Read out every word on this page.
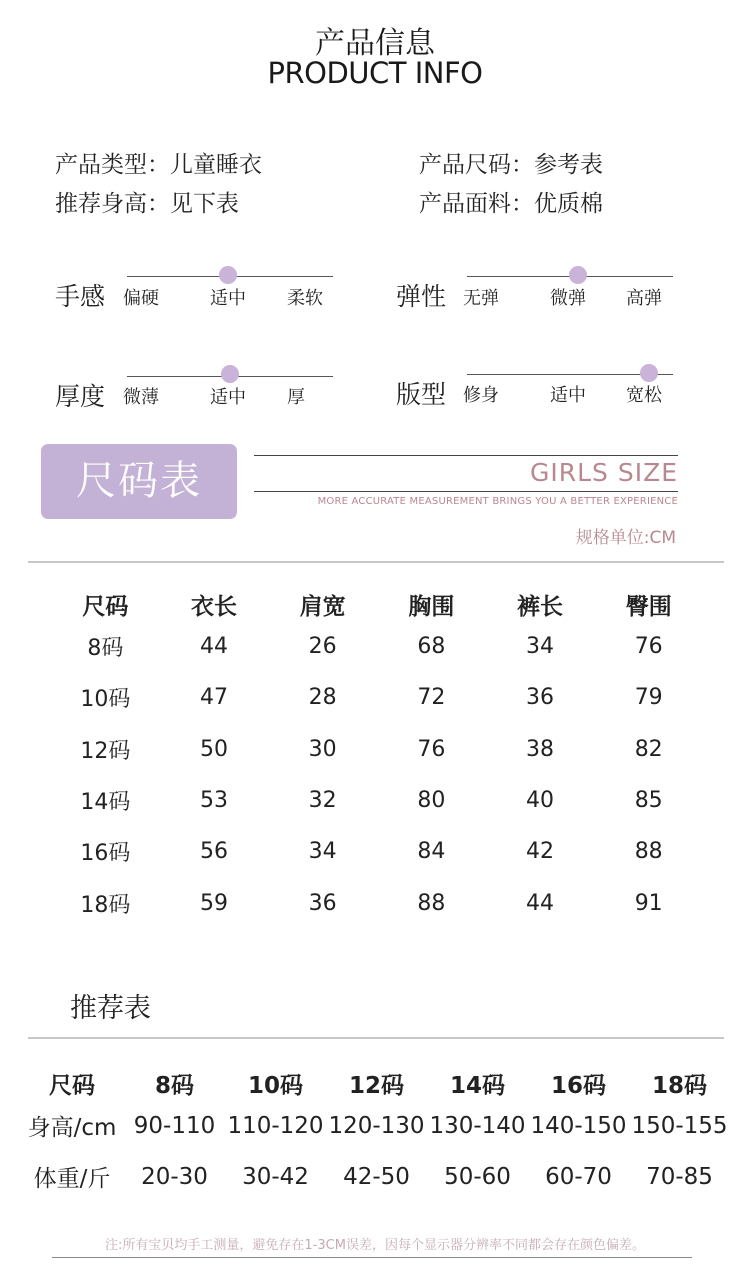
产品信息
PRODUCT INFO
产品类型：儿童睡衣	产品尺码：参考表
推荐身高：见下表	产品面料：优质棉
手感 偏硬	适中 柔软	弹性 无弹	微弹 高弹
厚度 微薄	适中 厚	版型 修身	适中 宽松
尺码表	GIRLS SIZE
MORE ACCURATE MEASUREMENT BRINGS YOU A BETTER EXPERIENCE
规格单位:CM
尺码	衣长	肩宽	胸围	裤长	臀围
8码	44	26	68	34	76
10码	47	28	72	36	79
12码	50	30	76	38	82
14码	53	32	80	40	85
16码	56	34	84	42	88
18码	59	36	88	44	91
推荐表
尺码	8码	10码	12码	14码	16码	18码
身高/cm 90-110 110-120 120-130 130-140 140-150 150-155
体重/斤	20-30	30-42	42-50	50-60	60-70	70-85
注:所有宝贝均手工测量，避免存在1-3CM误差，因每个显示器分辨率不同都会存在颜色偏差。
